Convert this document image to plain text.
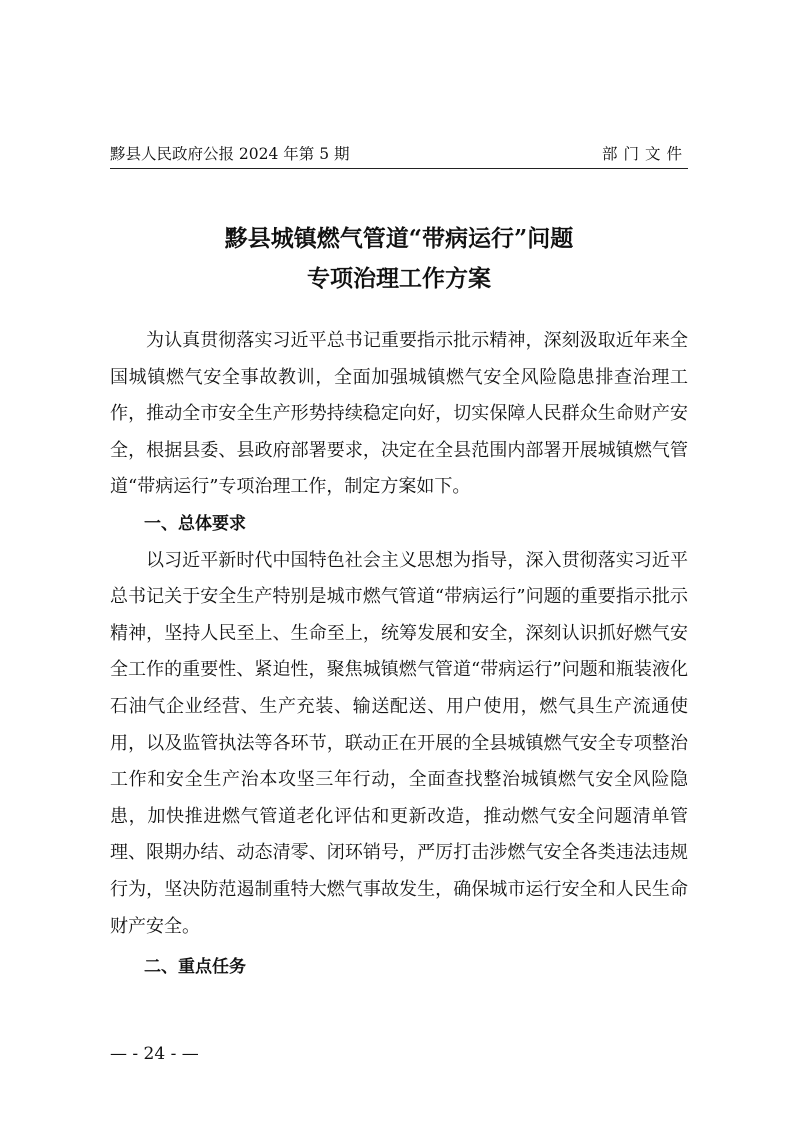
黟县人民政府公报 2024 年第 5 期	部门文件
黟县城镇燃气管道“带病运行”问题
专项治理工作方案

为认真贯彻落实习近平总书记重要指示批示精神，深刻汲取近年来全国城镇燃气安全事故教训，全面加强城镇燃气安全风险隐患排查治理工作，推动全市安全生产形势持续稳定向好，切实保障人民群众生命财产安全，根据县委、县政府部署要求，决定在全县范围内部署开展城镇燃气管道“带病运行”专项治理工作，制定方案如下。

一、总体要求

以习近平新时代中国特色社会主义思想为指导，深入贯彻落实习近平总书记关于安全生产特别是城市燃气管道“带病运行”问题的重要指示批示精神，坚持人民至上、生命至上，统筹发展和安全，深刻认识抓好燃气安全工作的重要性、紧迫性，聚焦城镇燃气管道“带病运行”问题和瓶装液化石油气企业经营、生产充装、输送配送、用户使用，燃气具生产流通使用，以及监管执法等各环节，联动正在开展的全县城镇燃气安全专项整治工作和安全生产治本攻坚三年行动，全面查找整治城镇燃气安全风险隐患，加快推进燃气管道老化评估和更新改造，推动燃气安全问题清单管理、限期办结、动态清零、闭环销号，严厉打击涉燃气安全各类违法违规行为，坚决防范遏制重特大燃气事故发生，确保城市运行安全和人民生命财产安全。

二、重点任务

— - 24 - —
